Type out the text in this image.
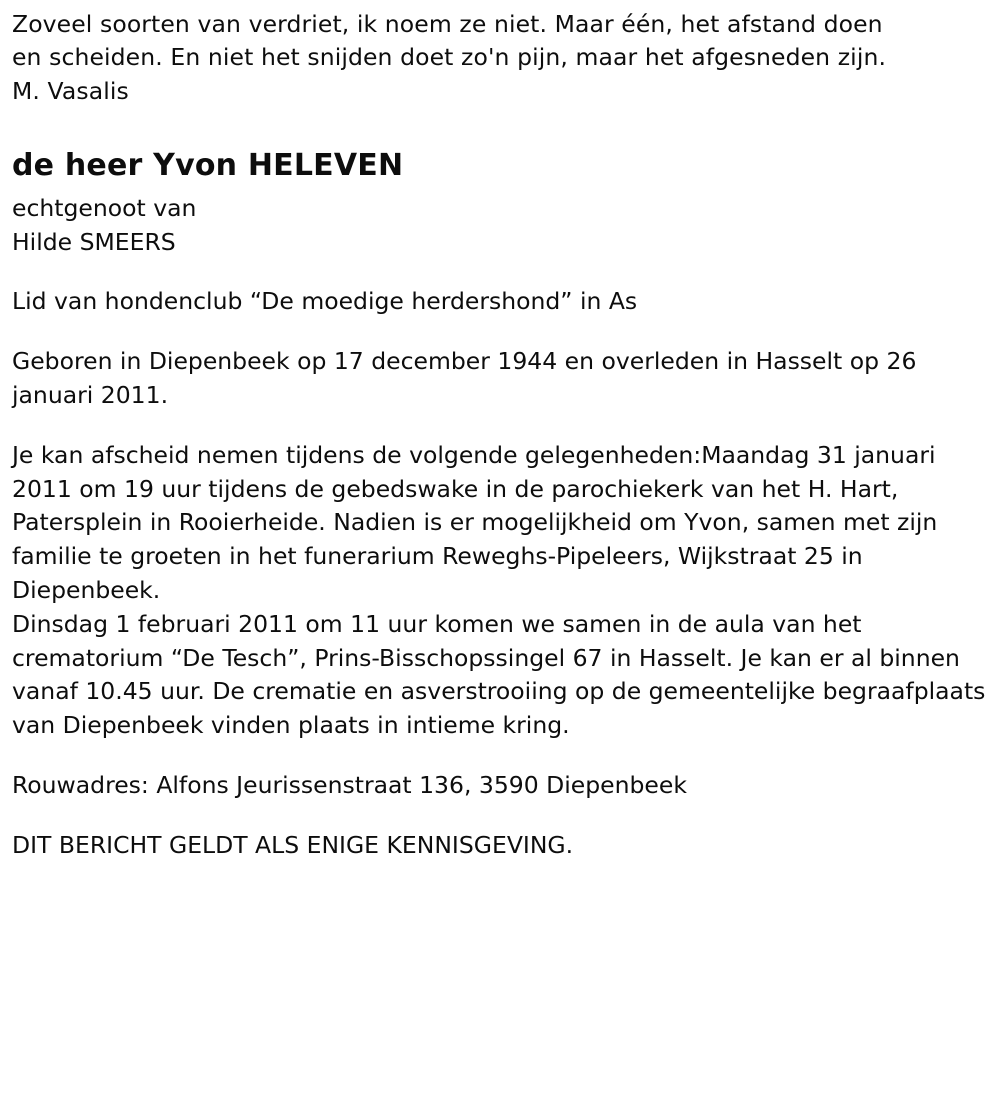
Zoveel soorten van verdriet, ik noem ze niet. Maar één, het afstand doen

en scheiden. En niet het snijden doet zo'n pijn, maar het afgesneden zijn.

M. Vasalis

de heer Yvon HELEVEN

echtgenoot van

Hilde SMEERS

Lid van hondenclub “De moedige herdershond” in As

Geboren in Diepenbeek op 17 december 1944 en overleden in Hasselt op 26 januari 2011.

Je kan afscheid nemen tijdens de volgende gelegenheden:Maandag 31 januari 2011 om 19 uur tijdens de gebedswake in de parochiekerk van het H. Hart, Patersplein in Rooierheide. Nadien is er mogelijkheid om Yvon, samen met zijn familie te groeten in het funerarium Reweghs-Pipeleers, Wijkstraat 25 in Diepenbeek.

Dinsdag 1 februari 2011 om 11 uur komen we samen in de aula van het crematorium “De Tesch”, Prins-Bisschopssingel 67 in Hasselt. Je kan er al binnen vanaf 10.45 uur. De crematie en asverstrooiing op de gemeentelijke begraafplaats van Diepenbeek vinden plaats in intieme kring.

Rouwadres: Alfons Jeurissenstraat 136, 3590 Diepenbeek

DIT BERICHT GELDT ALS ENIGE KENNISGEVING.
